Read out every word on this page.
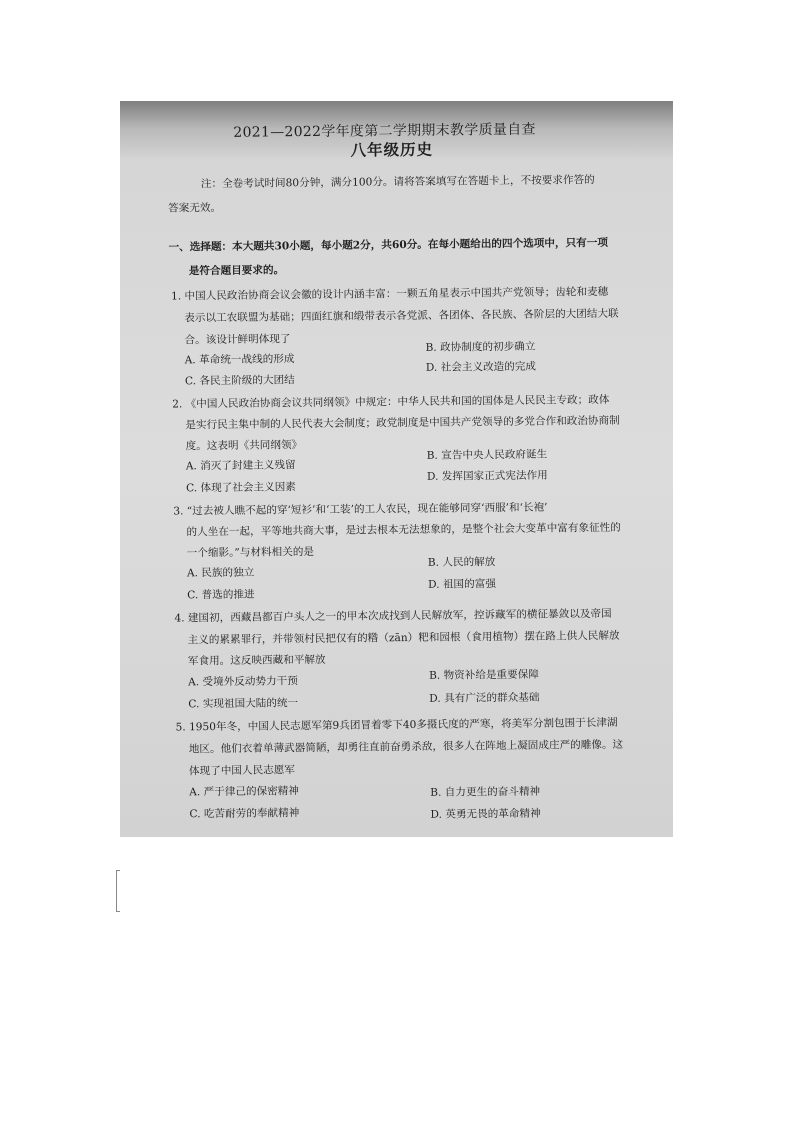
2021—2022学年度第二学期期末教学质量自查
八年级历史
注：全卷考试时间80分钟，满分100分。请将答案填写在答题卡上，不按要求作答的
答案无效。
一、选择题：本大题共30小题，每小题2分，共60分。在每小题给出的四个选项中，只有一项
是符合题目要求的。
1. 中国人民政治协商会议会徽的设计内涵丰富：一颗五角星表示中国共产党领导；齿轮和麦穗
表示以工农联盟为基础；四面红旗和缎带表示各党派、各团体、各民族、各阶层的大团结大联
合。该设计鲜明体现了
A. 革命统一战线的形成
B. 政协制度的初步确立
C. 各民主阶级的大团结
D. 社会主义改造的完成
2. 《中国人民政治协商会议共同纲领》中规定：中华人民共和国的国体是人民民主专政；政体
是实行民主集中制的人民代表大会制度；政党制度是中国共产党领导的多党合作和政治协商制
度。这表明《共同纲领》
A. 消灭了封建主义残留
B. 宣告中央人民政府诞生
C. 体现了社会主义因素
D. 发挥国家正式宪法作用
3. “过去被人瞧不起的穿‘短衫’和‘工装’的工人农民，现在能够同穿‘西服’和‘长袍’
的人坐在一起，平等地共商大事，是过去根本无法想象的，是整个社会大变革中富有象征性的
一个缩影。”与材料相关的是
A. 民族的独立
B. 人民的解放
C. 普选的推进
D. 祖国的富强
4. 建国初，西藏昌都百户头人之一的甲本次成找到人民解放军，控诉藏军的横征暴敛以及帝国
主义的累累罪行，并带领村民把仅有的糌（zān）粑和园根（食用植物）摆在路上供人民解放
军食用。这反映西藏和平解放
A. 受境外反动势力干预	B. 物资补给是重要保障
C. 实现祖国大陆的统一	D. 具有广泛的群众基础
5. 1950年冬，中国人民志愿军第9兵团冒着零下40多摄氏度的严寒，将美军分割包围于长津湖
地区。他们衣着单薄武器简陋，却勇往直前奋勇杀敌，很多人在阵地上凝固成庄严的雕像。这
体现了中国人民志愿军
A. 严于律己的保密精神	B. 自力更生的奋斗精神
C. 吃苦耐劳的奉献精神	D. 英勇无畏的革命精神
